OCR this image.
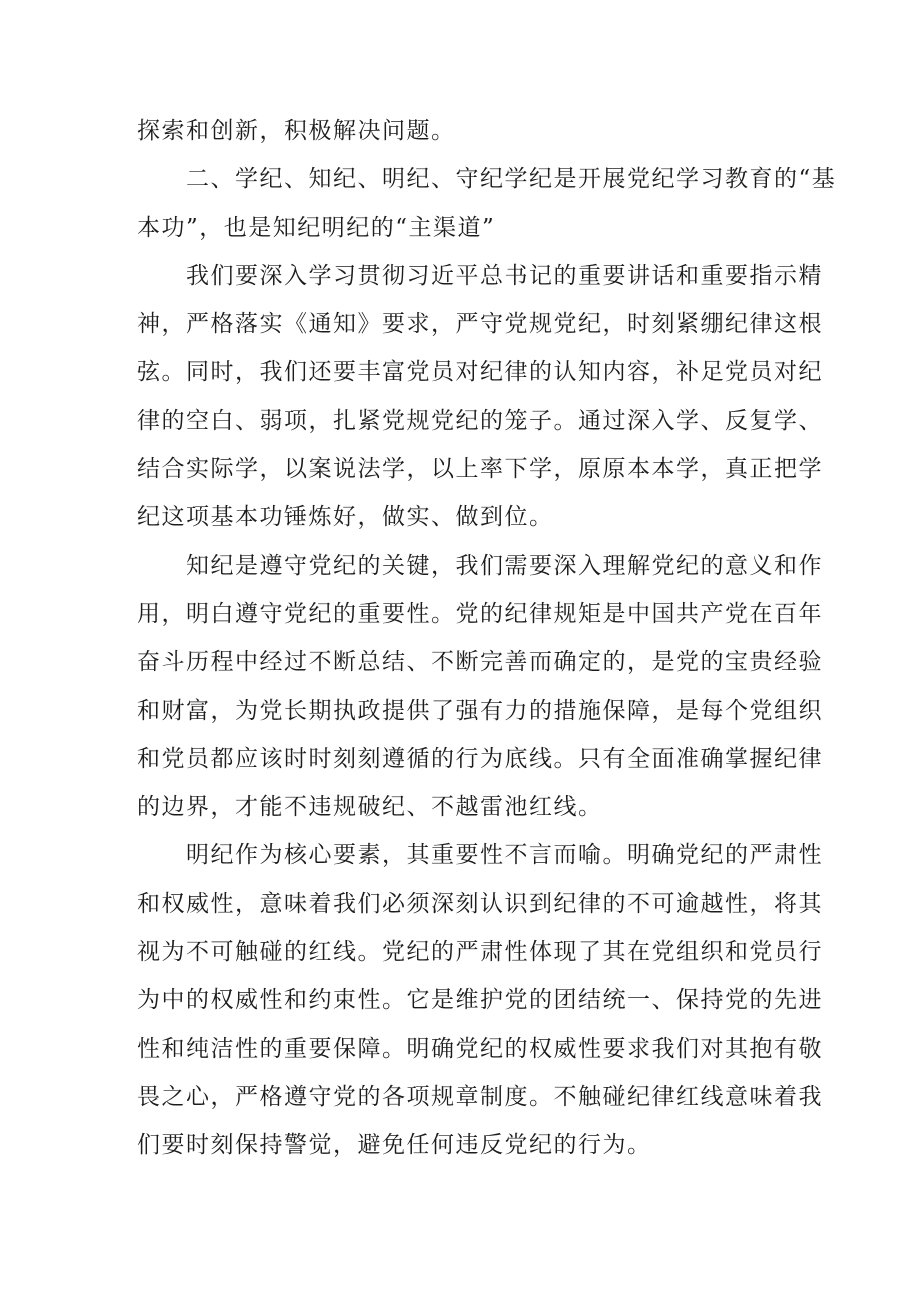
探索和创新，积极解决问题。
二、学纪、知纪、明纪、守纪学纪是开展党纪学习教育的“基
本功”，也是知纪明纪的“主渠道”
我们要深入学习贯彻习近平总书记的重要讲话和重要指示精
神，严格落实《通知》要求，严守党规党纪，时刻紧绷纪律这根
弦。同时，我们还要丰富党员对纪律的认知内容，补足党员对纪
律的空白、弱项，扎紧党规党纪的笼子。通过深入学、反复学、
结合实际学，以案说法学，以上率下学，原原本本学，真正把学
纪这项基本功锤炼好，做实、做到位。
知纪是遵守党纪的关键，我们需要深入理解党纪的意义和作
用，明白遵守党纪的重要性。党的纪律规矩是中国共产党在百年
奋斗历程中经过不断总结、不断完善而确定的，是党的宝贵经验
和财富，为党长期执政提供了强有力的措施保障，是每个党组织
和党员都应该时时刻刻遵循的行为底线。只有全面准确掌握纪律
的边界，才能不违规破纪、不越雷池红线。
明纪作为核心要素，其重要性不言而喻。明确党纪的严肃性
和权威性，意味着我们必须深刻认识到纪律的不可逾越性，将其
视为不可触碰的红线。党纪的严肃性体现了其在党组织和党员行
为中的权威性和约束性。它是维护党的团结统一、保持党的先进
性和纯洁性的重要保障。明确党纪的权威性要求我们对其抱有敬
畏之心，严格遵守党的各项规章制度。不触碰纪律红线意味着我
们要时刻保持警觉，避免任何违反党纪的行为。
